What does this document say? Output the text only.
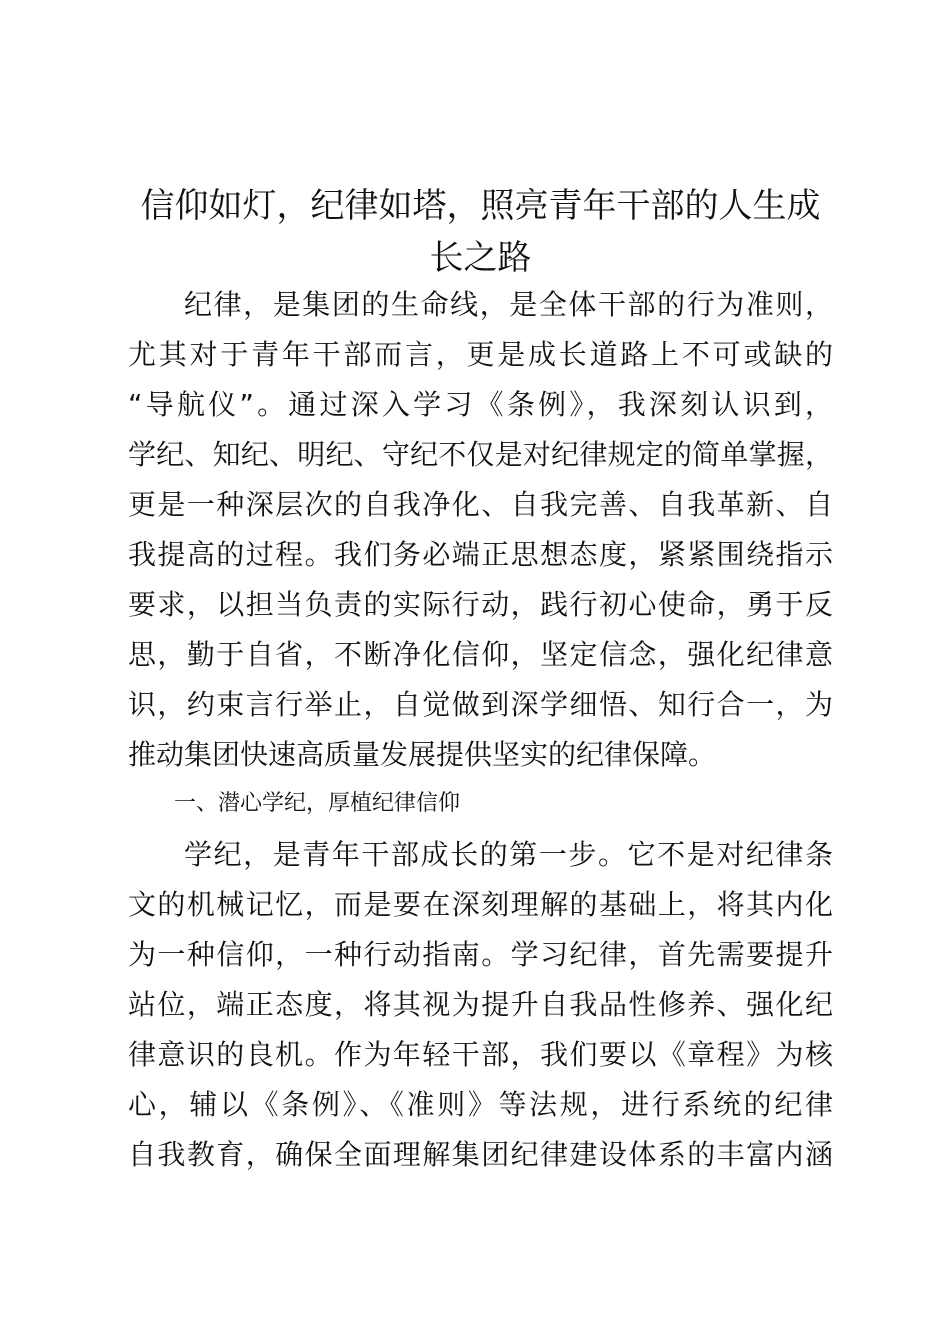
信仰如灯，纪律如塔，照亮青年干部的人生成
长之路
纪律，是集团的生命线，是全体干部的行为准则，
尤其对于青年干部而言，更是成长道路上不可或缺的
“导航仪”。通过深入学习《条例》，我深刻认识到，
学纪、知纪、明纪、守纪不仅是对纪律规定的简单掌握，
更是一种深层次的自我净化、自我完善、自我革新、自
我提高的过程。我们务必端正思想态度，紧紧围绕指示
要求，以担当负责的实际行动，践行初心使命，勇于反
思，勤于自省，不断净化信仰，坚定信念，强化纪律意
识，约束言行举止，自觉做到深学细悟、知行合一，为
推动集团快速高质量发展提供坚实的纪律保障。
一、潜心学纪，厚植纪律信仰
学纪，是青年干部成长的第一步。它不是对纪律条
文的机械记忆，而是要在深刻理解的基础上，将其内化
为一种信仰，一种行动指南。学习纪律，首先需要提升
站位，端正态度，将其视为提升自我品性修养、强化纪
律意识的良机。作为年轻干部，我们要以《章程》为核
心，辅以《条例》、《准则》等法规，进行系统的纪律
自我教育，确保全面理解集团纪律建设体系的丰富内涵
